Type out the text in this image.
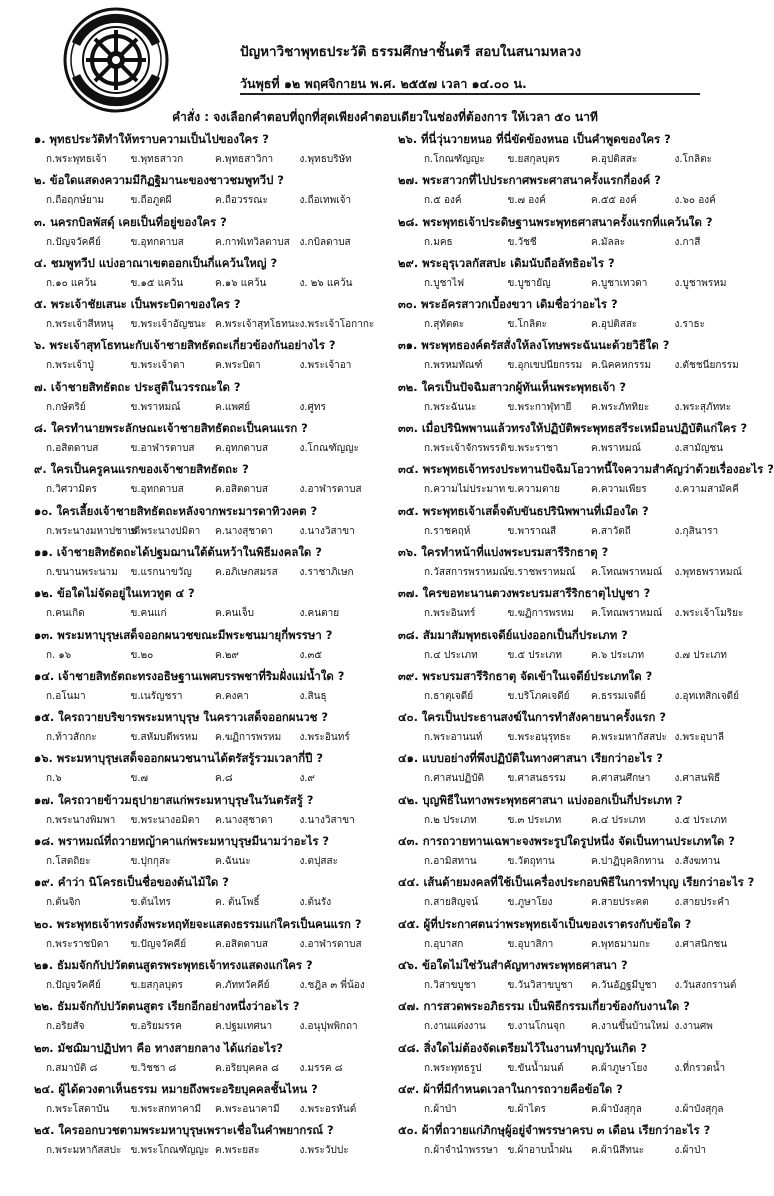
ปัญหาวิชาพุทธประวัติ ธรรมศึกษาชั้นตรี สอบในสนามหลวง
วันพุธที่ ๑๒ พฤศจิกายน พ.ศ. ๒๕๕๗ เวลา ๑๔.๐๐ น.
คำสั่ง : จงเลือกคำตอบที่ถูกที่สุดเพียงคำตอบเดียวในช่องที่ต้องการ ให้เวลา ๕๐ นาที
๑. พุทธประวัติทำให้ทราบความเป็นไปของใคร ?
ก.พระพุทธเจ้า	ข.พุทธสาวก	ค.พุทธสาวิกา	ง.พุทธบริษัท
๒. ข้อใดแสดงความมีกิฏฐิมานะของชาวชมพูทวีป ?
ก.ถือฤกษ์ยาม	ข.ถือภูตผี	ค.ถือวรรณะ	ง.ถือเทพเจ้า
๓. นครกบิลพัสดุ์ เคยเป็นที่อยู่ของใคร ?
ก.ปัญจวัคคีย์	ข.อุทกดาบส	ค.กาฬเทวิลดาบส ง.กบิลดาบส
๔. ชมพูทวีป แบ่งอาณาเขตออกเป็นกี่แคว้นใหญ่ ?
ก.๑๐ แคว้น	ข.๑๕ แคว้น	ค.๑๖ แคว้น	ง. ๒๖ แคว้น
๕. พระเจ้าชัยเสนะ เป็นพระบิดาของใคร ?
ก.พระเจ้าสีหหนุ	ข.พระเจ้าอัญชนะ ค.พระเจ้าสุทโธทนะ ง.พระเจ้าโอกากะ
๖. พระเจ้าสุทโธทนะกับเจ้าชายสิทธัตถะเกี่ยวข้องกันอย่างไร ?
ก.พระเจ้าปู่	ข.พระเจ้าตา	ค.พระบิดา	ง.พระเจ้าอา
๗. เจ้าชายสิทธัตถะ ประสูติในวรรณะใด ?
ก.กษัตริย์	ข.พราหมณ์	ค.แพศย์	ง.ศูทร
๘. ใครทำนายพระลักษณะเจ้าชายสิทธัตถะเป็นคนแรก ?
ก.อสิตดาบส	ข.อาฬารดาบส	ค.อุทกดาบส	ง.โกณฑัญญะ
๙. ใครเป็นครูคนแรกของเจ้าชายสิทธัตถะ ?
ก.วิศวามิตร	ข.อุทกดาบส	ค.อสิตดาบส	ง.อาฬารดาบส
๑๐. ใครเลี้ยงเจ้าชายสิทธัตถะหลังจากพระมารดาทิวงคต ?
ก.พระนางมหาปชาบดี
ข.พระนางปมิตา	ค.นางสุชาดา	ง.นางวิสาขา
๑๑. เจ้าชายสิทธัตถะได้ปฐมฌานใต้ต้นหว้าในพิธีมงคลใด ?
ก.ขนานพระนาม	ข.แรกนาขวัญ	ค.อภิเษกสมรส	ง.ราชาภิเษก
๑๒. ข้อใดไม่จัดอยู่ในเทวทูต ๔ ?
ก.คนเกิด	ข.คนแก่	ค.คนเจ็บ	ง.คนตาย
๑๓. พระมหาบุรุษเสด็จออกผนวชขณะมีพระชนมายุกี่พรรษา ?
ก. ๑๖	ข.๒๐	ค.๒๙	ง.๓๕
๑๔. เจ้าชายสิทธัตถะทรงอธิษฐานเพศบรรพชาที่ริมฝั่งแม่น้ำใด ?
ก.อโนมา	ข.เนรัญชรา	ค.คงคา	ง.สินธุ
๑๕. ใครถวายบริขารพระมหาบุรุษ ในคราวเสด็จออกผนวช ?
ก.ท้าวสักกะ	ข.สหัมบดีพรหม	ค.ฆฏิการพรหม	ง.พระอินทร์
๑๖. พระมหาบุรุษเสด็จออกผนวชนานได้ตรัสรู้รวมเวลากี่ปี ?
ก.๖	ข.๗	ค.๘	ง.๙
๑๗. ใครถวายข้าวมธุปายาสแก่พระมหาบุรุษในวันตรัสรู้ ?
ก.พระนางพิมพา	ข.พระนางอมิตา	ค.นางสุชาดา	ง.นางวิสาขา
๑๘. พราหมณ์ที่ถวายหญ้าคาแก่พระมหาบุรุษมีนามว่าอะไร ?
ก.โสตถิยะ	ข.ปุกกุสะ	ค.ฉันนะ	ง.ตปุสสะ
๑๙. คำว่า นิโครธเป็นชื่อของต้นไม้ใด ?
ก.ต้นจิก	ข.ต้นไทร	ค. ต้นโพธิ์	ง.ต้นรัง
๒๐. พระพุทธเจ้าทรงตั้งพระหฤทัยจะแสดงธรรมแก่ใครเป็นคนแรก ?
ก.พระราชบิดา	ข.ปัญจวัคคีย์	ค.อสิตดาบส	ง.อาฬารดาบส
๒๑. ธัมมจักกัปปวัตตนสูตรพระพุทธเจ้าทรงแสดงแก่ใคร ?
ก.ปัญจวัคคีย์	ข.ยสกุลบุตร	ค.ภัททวัคคีย์	ง.ชฎิล ๓ พี่น้อง
๒๒. ธัมมจักกัปปวัตตนสูตร เรียกอีกอย่างหนึ่งว่าอะไร ?
ก.อริยสัจ	ข.อริยมรรค	ค.ปฐมเทศนา	ง.อนุปุพพิกถา
๒๓. มัชฌิมาปฏิปทา คือ ทางสายกลาง ได้แก่อะไร?
ก.สมาบัติ ๘	ข.วิชชา ๘	ค.อริยบุคคล ๘	ง.มรรค ๘
๒๔. ผู้ได้ดวงตาเห็นธรรม หมายถึงพระอริยบุคคลชั้นไหน ?
ก.พระโสดาบัน	ข.พระสกทาคามี	ค.พระอนาคามี	ง.พระอรหันต์
๒๕. ใครออกบวชตามพระมหาบุรุษเพราะเชื่อในคำพยากรณ์ ?
ก.พระมหากัสสปะ ข.พระโกณฑัญญะ ค.พระยสะ	ง.พระวัปปะ
๒๖. ที่นี่วุ่นวายหนอ ที่นี่ขัดข้องหนอ เป็นคำพูดของใคร ?
ก.โกณฑัญญะ	ข.ยสกุลบุตร	ค.อุปติสสะ	ง.โกลิตะ
๒๗. พระสาวกที่ไปประกาศพระศาสนาครั้งแรกกี่องค์ ?
ก.๕ องค์	ข.๗ องค์	ค.๕๕ องค์	ง.๖๐ องค์
๒๘. พระพุทธเจ้าประดิษฐานพระพุทธศาสนาครั้งแรกที่แคว้นใด ?
ก.มคธ	ข.วัชชี	ค.มัลละ	ง.กาสี
๒๙. พระอุรุเวลกัสสปะ เดิมนับถือลัทธิอะไร ?
ก.บูชาไฟ	ข.บูชายัญ	ค.บูชาเทวดา	ง.บูชาพรหม
๓๐. พระอัครสาวกเบื้องขวา เดิมชื่อว่าอะไร ?
ก.สุทัตตะ	ข.โกลิตะ	ค.อุปติสสะ	ง.ราธะ
๓๑. พระพุทธองค์ตรัสสั่งให้ลงโทษพระฉันนะด้วยวิธีใด ?
ก.พรหมทัณฑ์	ข.อุกเขปนียกรรม ค.นิคคหกรรม	ง.ตัชชนียกรรม
๓๒. ใครเป็นปัจฉิมสาวกผู้ทันเห็นพระพุทธเจ้า ?
ก.พระฉันนะ	ข.พระกาฬุทายี	ค.พระภัททิยะ	ง.พระสุภัททะ
๓๓. เมื่อปรินิพพานแล้วทรงให้ปฏิบัติพระพุทธสรีระเหมือนปฏิบัติแก่ใคร ?
ก.พระเจ้าจักรพรรดิ ข.พระราชา	ค.พราหมณ์	ง.สามัญชน
๓๔. พระพุทธเจ้าทรงประทานปัจฉิมโอวาทนี้ใจความสำคัญว่าด้วยเรื่องอะไร ?
ก.ความไม่ประมาท ข.ความตาย	ค.ความเพียร	ง.ความสามัคคี
๓๕. พระพุทธเจ้าเสด็จดับขันธปรินิพพานที่เมืองใด ?
ก.ราชคฤห์	ข.พาราณสี	ค.สาวัตถี	ง.กุสินารา
๓๖. ใครทำหน้าที่แบ่งพระบรมสารีริกธาตุ ?
ก.วัสสการพราหมณ์ ข.ราชพราหมณ์	ค.โทณพราหมณ์	ง.พุทธพราหมณ์
๓๗. ใครขอทะนานตวงพระบรมสารีริกธาตุไปบูชา ?
ก.พระอินทร์	ข.ฆฏิการพรหม	ค.โทณพราหมณ์	ง.พระเจ้าโมริยะ
๓๘. สัมมาสัมพุทธเจดีย์แบ่งออกเป็นกี่ประเภท ?
ก.๔ ประเภท	ข.๕ ประเภท	ค.๖ ประเภท	ง.๗ ประเภท
๓๙. พระบรมสารีริกธาตุ จัดเข้าในเจดีย์ประเภทใด ?
ก.ธาตุเจดีย์	ข.บริโภคเจดีย์	ค.ธรรมเจดีย์	ง.อุทเทสิกเจดีย์
๔๐. ใครเป็นประธานสงฆ์ในการทำสังคายนาครั้งแรก ?
ก.พระอานนท์	ข.พระอนุรุทธะ	ค.พระมหากัสสปะ ง.พระอุบาลี
๔๑. แบบอย่างที่พึงปฏิบัติในทางศาสนา เรียกว่าอะไร ?
ก.ศาสนปฏิบัติ	ข.ศาสนธรรม	ค.ศาสนศึกษา	ง.ศาสนพิธี
๔๒. บุญพิธีในทางพระพุทธศาสนา แบ่งออกเป็นกี่ประเภท ?
ก.๒ ประเภท	ข.๓ ประเภท	ค.๔ ประเภท	ง.๕ ประเภท
๔๓. การถวายทานเฉพาะจงพระรูปใดรูปหนึ่ง จัดเป็นทานประเภทใด ?
ก.อามิสทาน	ข.วัตถุทาน	ค.ปาฏิบุคลิกทาน	ง.สังฆทาน
๔๔. เส้นด้ายมงคลที่ใช้เป็นเครื่องประกอบพิธีในการทำบุญ เรียกว่าอะไร ?
ก.สายสิญจน์	ข.ภูษาโยง	ค.สายประคต	ง.สายประคำ
๔๕. ผู้ที่ประกาศตนว่าพระพุทธเจ้าเป็นของเราตรงกับข้อใด ?
ก.อุบาสก	ข.อุบาสิกา	ค.พุทธมามกะ	ง.ศาสนิกชน
๔๖. ข้อใดไม่ใช่วันสำคัญทางพระพุทธศาสนา ?
ก.วิสาขบูชา	ข.วันวิสาขบูชา	ค.วันอัฏฐมีบูชา	ง.วันสงกรานต์
๔๗. การสวดพระอภิธรรม เป็นพิธีกรรมเกี่ยวข้องกับงานใด ?
ก.งานแต่งงาน	ข.งานโกนจุก	ค.งานขึ้นบ้านใหม่ ง.งานศพ
๔๘. สิ่งใดไม่ต้องจัดเตรียมไว้ในงานทำบุญวันเกิด ?
ก.พระพุทธรูป	ข.ขันน้ำมนต์	ค.ผ้าภูษาโยง	ง.ที่กรวดน้ำ
๔๙. ผ้าที่มีกำหนดเวลาในการถวายคือข้อใด ?
ก.ผ้าป่า	ข.ผ้าไตร	ค.ผ้าบังสุกุล	ง.ผ้าบังสุกุล
๕๐. ผ้าที่ถวายแก่ภิกษุผู้อยู่จำพรรษาครบ ๓ เดือน เรียกว่าอะไร ?
ก.ผ้าจำนำพรรษา ข.ผ้าอาบน้ำฝน	ค.ผ้านิสีทนะ	ง.ผ้าป่า
